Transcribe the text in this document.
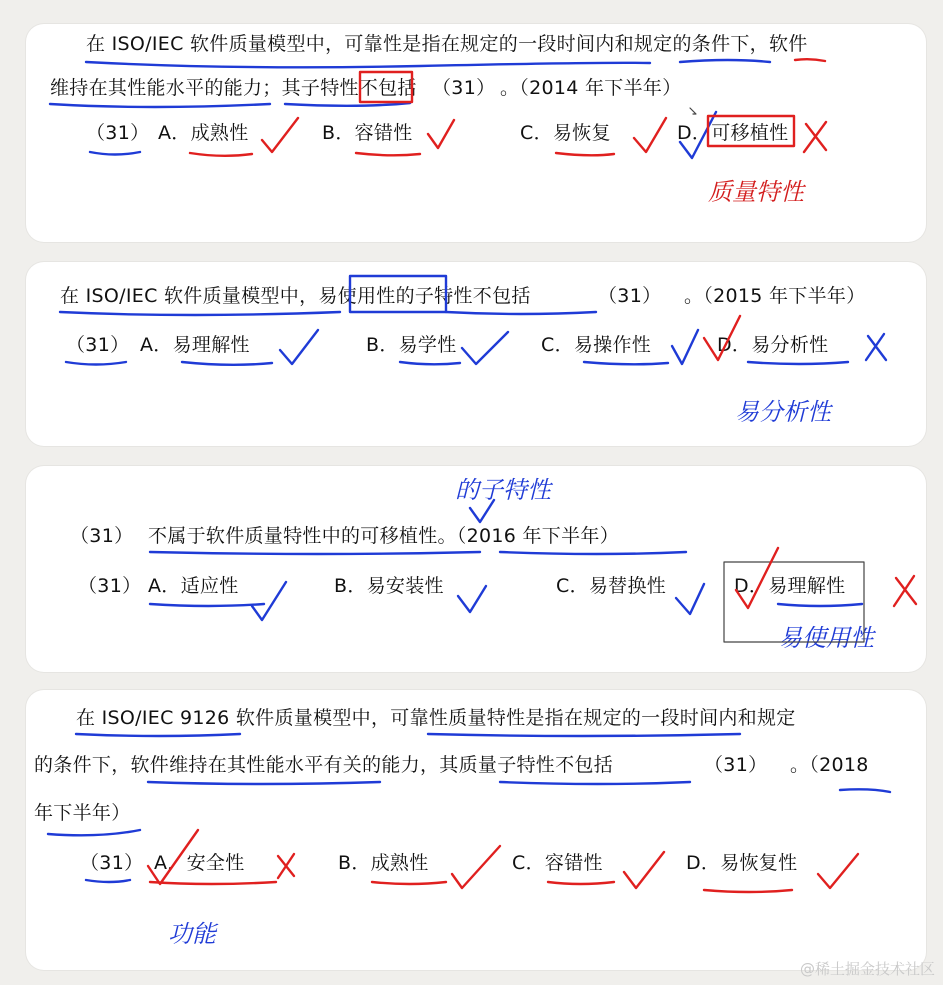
在 ISO/IEC 软件质量模型中，可靠性是指在规定的一段时间内和规定的条件下，软件
维持在其性能水平的能力；其子特性不包括 （31） 。（2014 年下半年）
（31） A．成熟性	B．容错性	C．易恢复	D．可移植性
质量特性
在 ISO/IEC 软件质量模型中，易使用性的子特性不包括	（31） 。（2015 年下半年）
（31） A．易理解性	B．易学性	C．易操作性	D．易分析性
易分析性
的子特性
（31） 不属于软件质量特性中的可移植性。（2016 年下半年）
（31） A．适应性	B．易安装性	C．易替换性	D．易理解性
易使用性
在 ISO/IEC 9126 软件质量模型中，可靠性质量特性是指在规定的一段时间内和规定
的条件下，软件维持在其性能水平有关的能力，其质量子特性不包括	（31） 。（2018
年下半年）
（31） A．安全性	B．成熟性	C．容错性	D．易恢复性
功能
@稀土掘金技术社区
